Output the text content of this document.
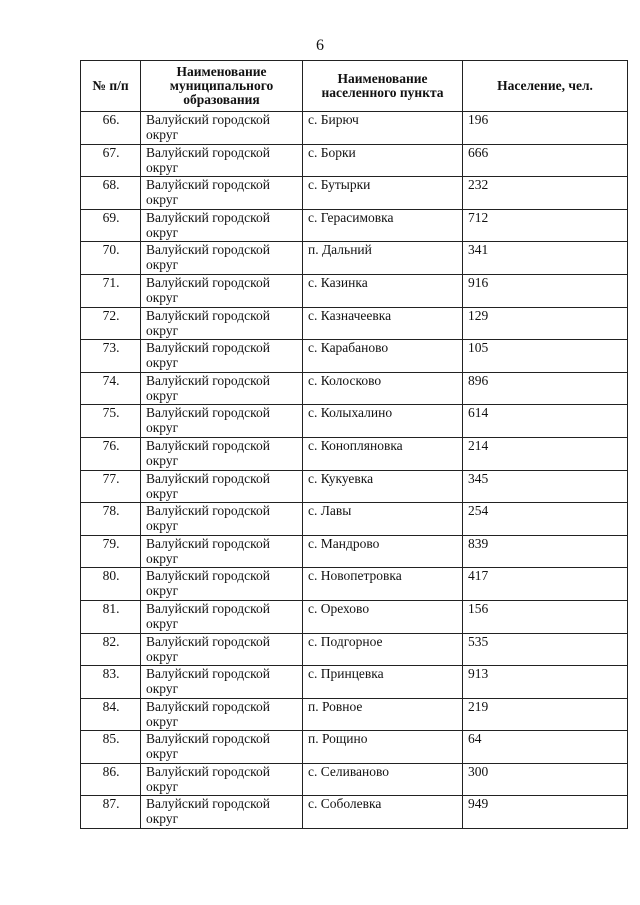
6
№ п/п	Наименование муниципального образования	Наименование населенного пункта	Население, чел.
66.	Валуйский городской округ	с. Бирюч	196
67.	Валуйский городской округ	с. Борки	666
68.	Валуйский городской округ	с. Бутырки	232
69.	Валуйский городской округ	с. Герасимовка	712
70.	Валуйский городской округ	п. Дальний	341
71.	Валуйский городской округ	с. Казинка	916
72.	Валуйский городской округ	с. Казначеевка	129
73.	Валуйский городской округ	с. Карабаново	105
74.	Валуйский городской округ	с. Колосково	896
75.	Валуйский городской округ	с. Колыхалино	614
76.	Валуйский городской округ	с. Конопляновка	214
77.	Валуйский городской округ	с. Кукуевка	345
78.	Валуйский городской округ	с. Лавы	254
79.	Валуйский городской округ	с. Мандрово	839
80.	Валуйский городской округ	с. Новопетровка	417
81.	Валуйский городской округ	с. Орехово	156
82.	Валуйский городской округ	с. Подгорное	535
83.	Валуйский городской округ	с. Принцевка	913
84.	Валуйский городской округ	п. Ровное	219
85.	Валуйский городской округ	п. Рощино	64
86.	Валуйский городской округ	с. Селиваново	300
87.	Валуйский городской округ	с. Соболевка	949
